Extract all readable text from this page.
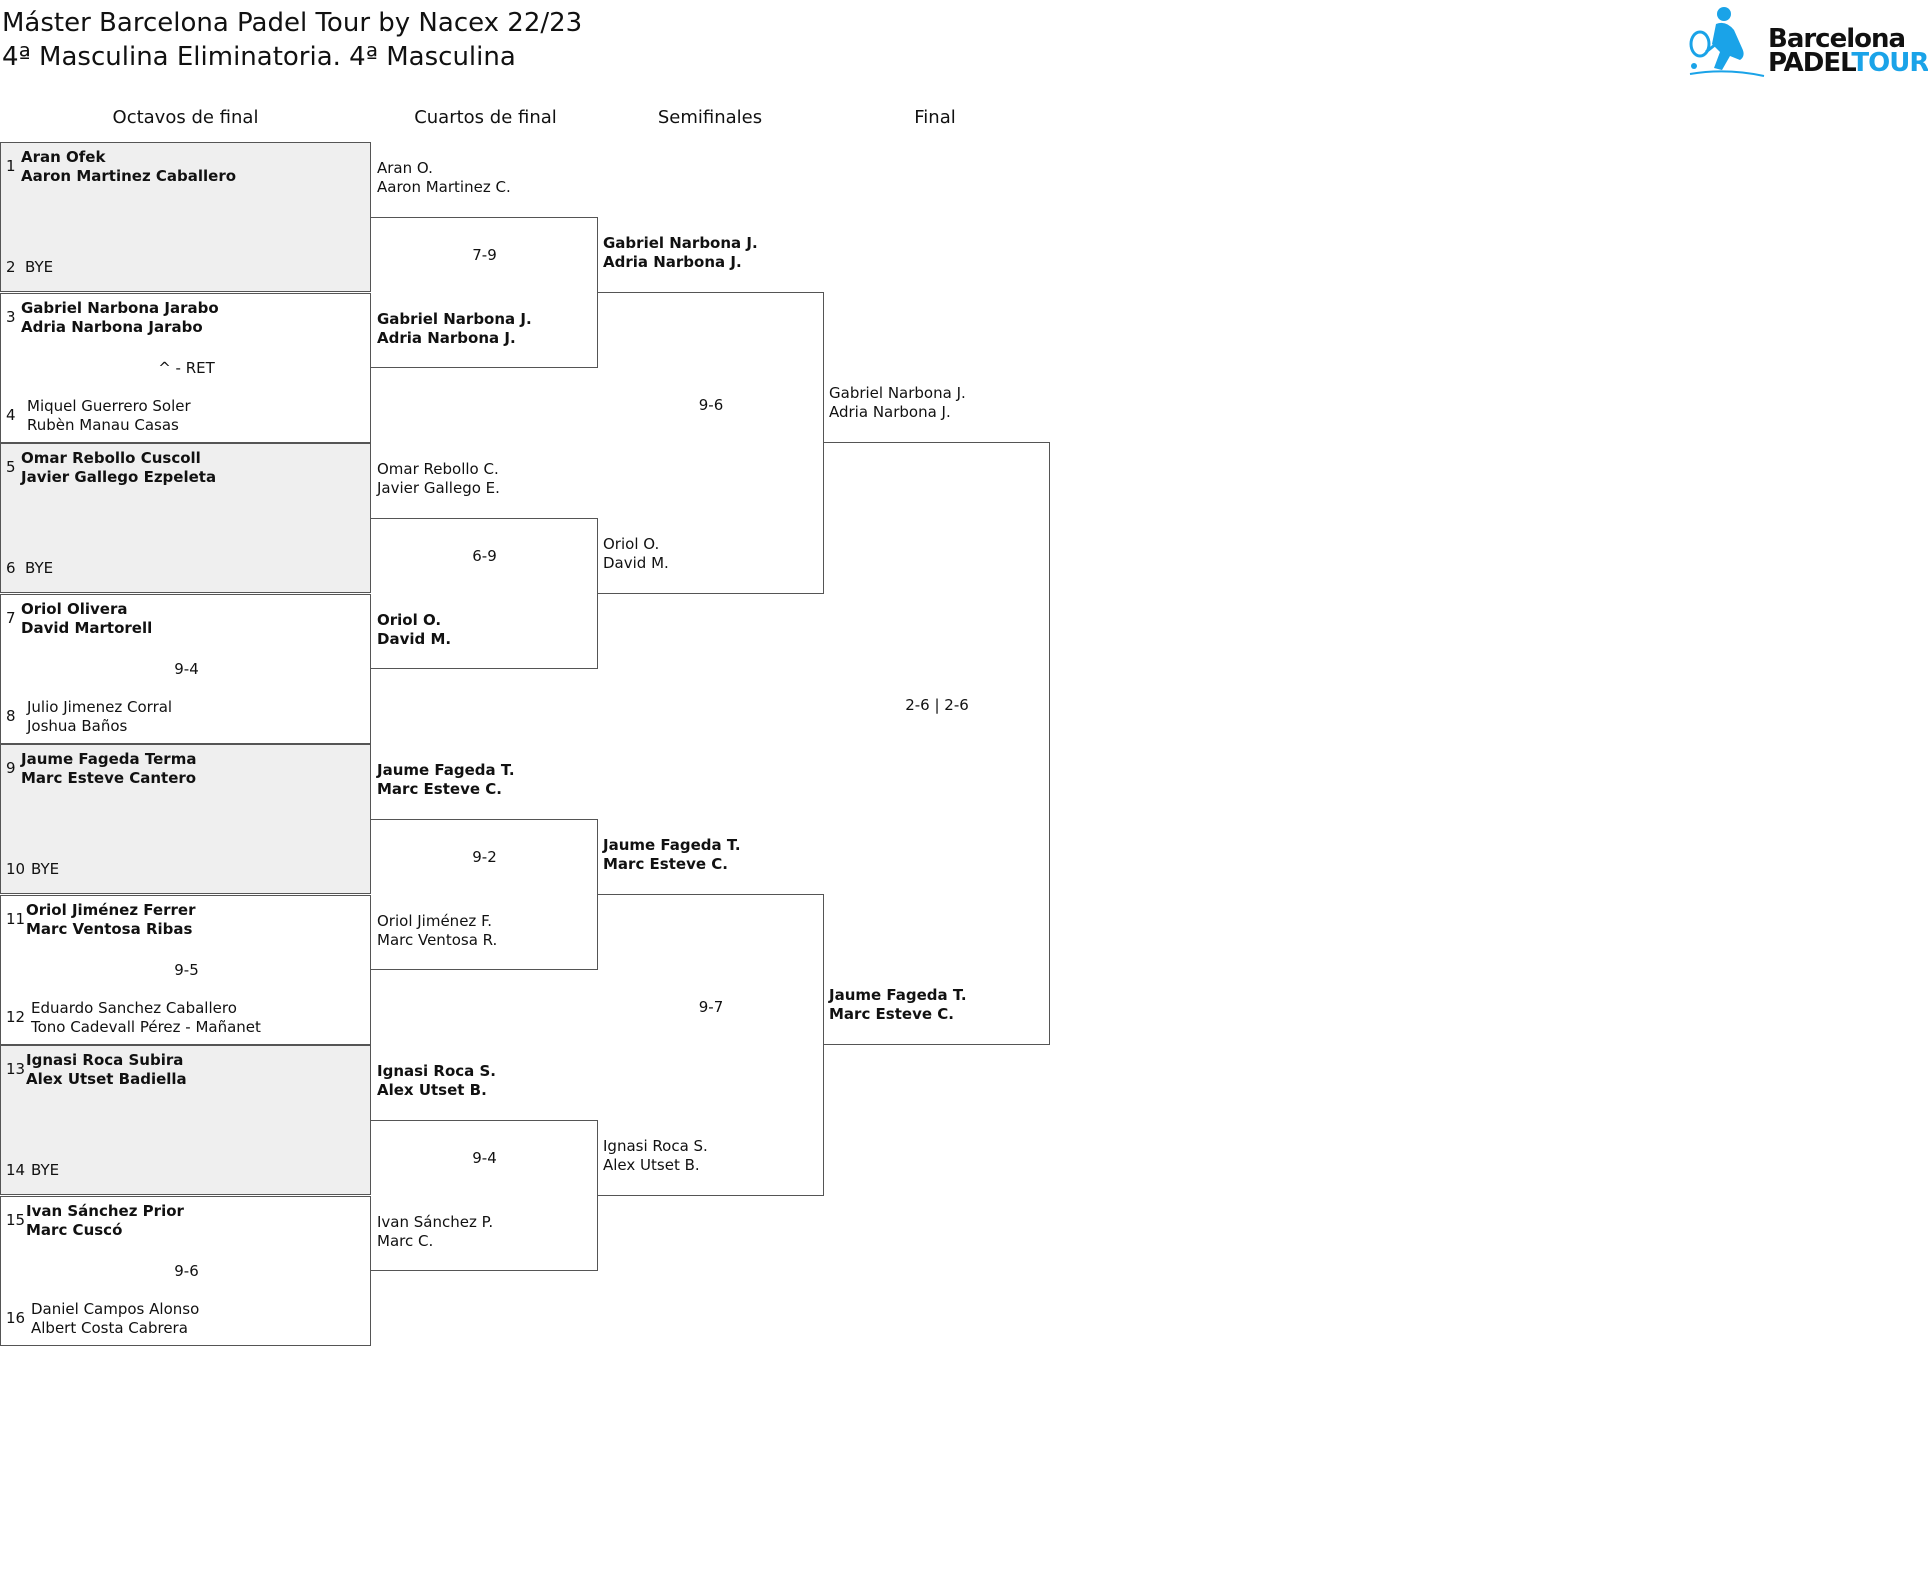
Máster Barcelona Padel Tour by Nacex 22/23
4ª Masculina Eliminatoria. 4ª Masculina
Barcelona
PADELTOUR
Octavos de final	Cuartos de final	Semifinales	Final
1 Aran Ofek
Aaron Martinez Caballero
2 BYE
3 Gabriel Narbona Jarabo
Adria Narbona Jarabo
^ - RET
4 Miquel Guerrero Soler
Rubèn Manau Casas
5 Omar Rebollo Cuscoll
Javier Gallego Ezpeleta
6 BYE
7 Oriol Olivera
David Martorell
9-4
8 Julio Jimenez Corral
Joshua Baños
9 Jaume Fageda Terma
Marc Esteve Cantero
10 BYE
11 Oriol Jiménez Ferrer
Marc Ventosa Ribas
9-5
12 Eduardo Sanchez Caballero
Tono Cadevall Pérez - Mañanet
13 Ignasi Roca Subira
Alex Utset Badiella
14 BYE
15 Ivan Sánchez Prior
Marc Cuscó
9-6
16 Daniel Campos Alonso
Albert Costa Cabrera
Aran O.
Aaron Martinez C.
7-9
Gabriel Narbona J.
Adria Narbona J.
Omar Rebollo C.
Javier Gallego E.
6-9
Oriol O.
David M.
Jaume Fageda T.
Marc Esteve C.
9-2
Oriol Jiménez F.
Marc Ventosa R.
Ignasi Roca S.
Alex Utset B.
9-4
Ivan Sánchez P.
Marc C.
Gabriel Narbona J.
Adria Narbona J.
9-6
Oriol O.
David M.
Jaume Fageda T.
Marc Esteve C.
9-7
Ignasi Roca S.
Alex Utset B.
Gabriel Narbona J.
Adria Narbona J.
2-6 | 2-6
Jaume Fageda T.
Marc Esteve C.
